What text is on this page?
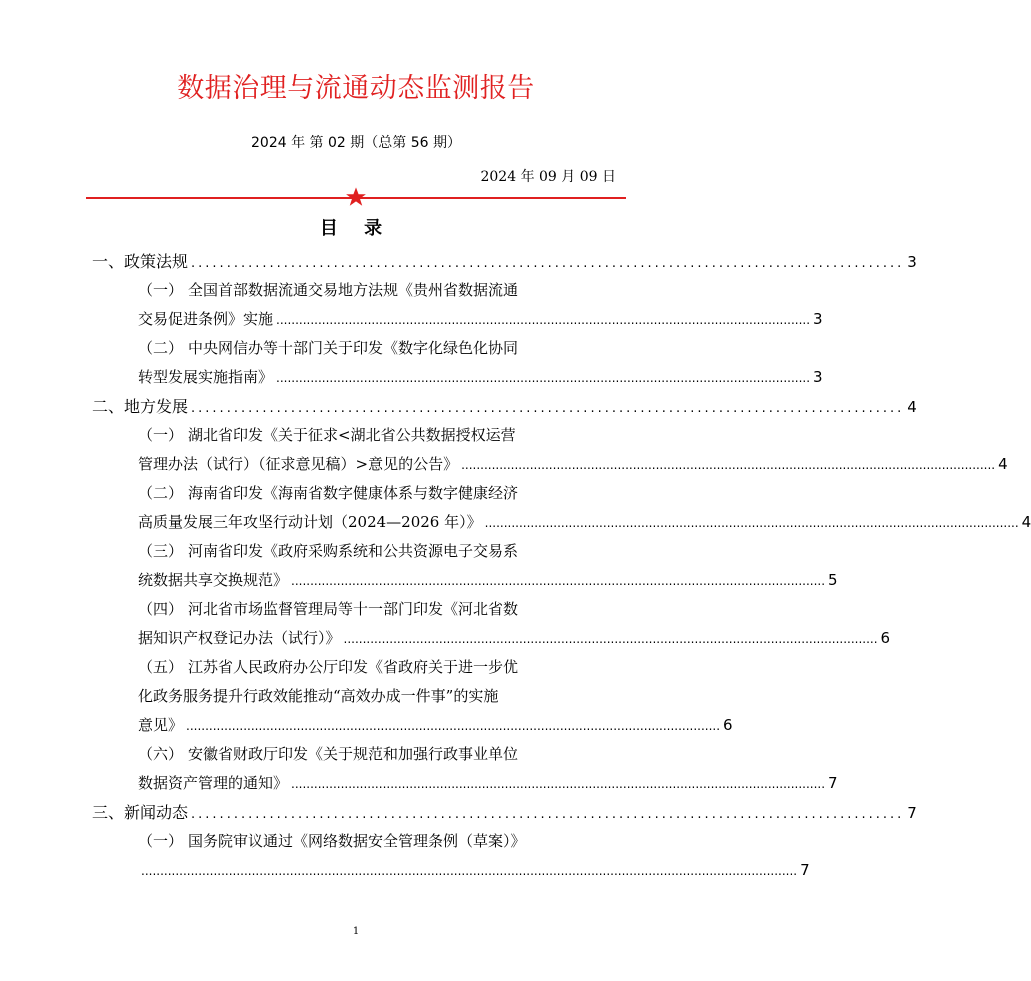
数据治理与流通动态监测报告
2024 年 第 02 期（总第 56 期）
2024 年 09 月 09 日
目 录
一、 政策法规 .................................................................................................... 3
（一） 全国首部数据流通交易地方法规《贵州省数据流通
交易促进条例》实施 ............................................................................................................................................ 3
（二） 中央网信办等十部门关于印发《数字化绿色化协同
转型发展实施指南》 ............................................................................................................................................ 3
二、 地方发展 .................................................................................................... 4
（一） 湖北省印发《关于征求<湖北省公共数据授权运营
管理办法（试行）（征求意见稿）>意见的公告》 ............................................................................................................................................ 4
（二） 海南省印发《海南省数字健康体系与数字健康经济
高质量发展三年攻坚行动计划（2024—2026 年）》 ............................................................................................................................................ 4
（三） 河南省印发《政府采购系统和公共资源电子交易系
统数据共享交换规范》 ............................................................................................................................................ 5
（四） 河北省市场监督管理局等十一部门印发《河北省数
据知识产权登记办法（试行）》 ............................................................................................................................................ 6
（五） 江苏省人民政府办公厅印发《省政府关于进一步优
化政务服务提升行政效能推动“高效办成一件事”的实施
意见》 ............................................................................................................................................ 6
（六） 安徽省财政厅印发《关于规范和加强行政事业单位
数据资产管理的通知》 ............................................................................................................................................ 7
三、 新闻动态 .................................................................................................... 7
（一） 国务院审议通过《网络数据安全管理条例（草案）》
............................................................................................................................................................................ 7
1
